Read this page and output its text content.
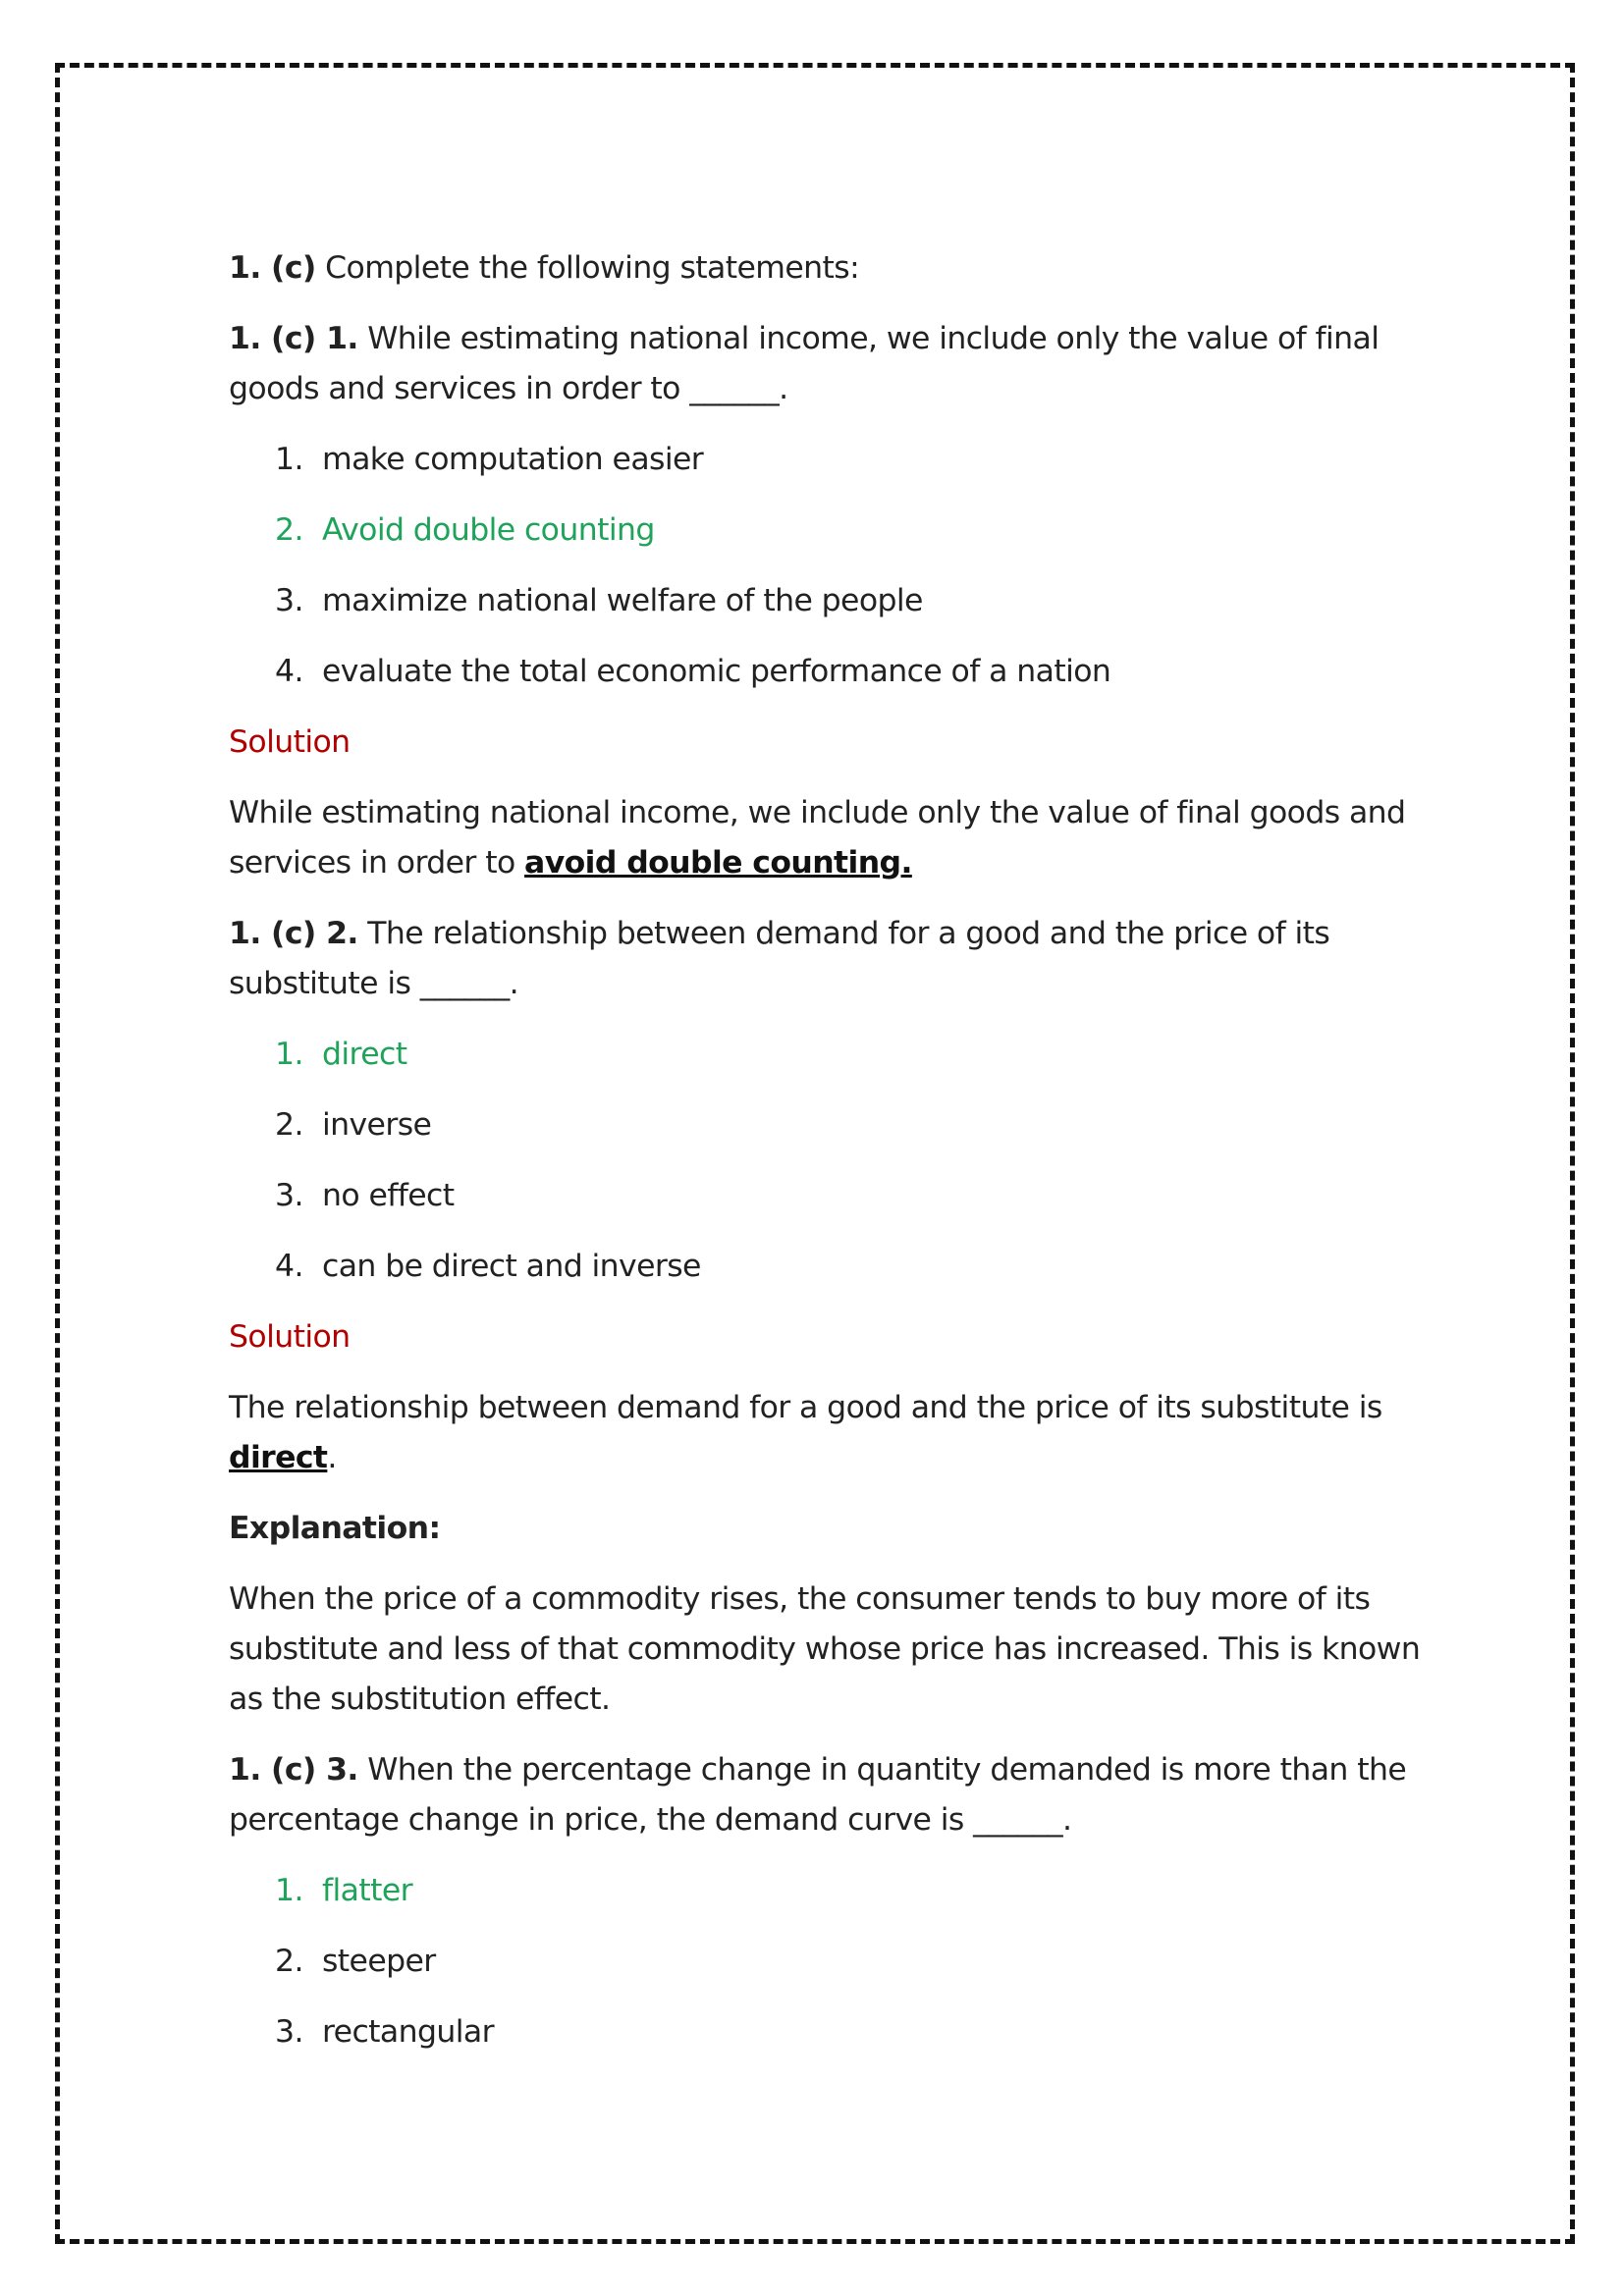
1. (c) Complete the following statements:

1. (c) 1. While estimating national income, we include only the value of final goods and services in order to ______.

1. make computation easier
2. Avoid double counting
3. maximize national welfare of the people
4. evaluate the total economic performance of a nation
Solution

While estimating national income, we include only the value of final goods and services in order to avoid double counting.

1. (c) 2. The relationship between demand for a good and the price of its substitute is ______.

1. direct
2. inverse
3. no effect
4. can be direct and inverse
Solution

The relationship between demand for a good and the price of its substitute is direct.

Explanation:

When the price of a commodity rises, the consumer tends to buy more of its substitute and less of that commodity whose price has increased. This is known as the substitution effect.

1. (c) 3. When the percentage change in quantity demanded is more than the percentage change in price, the demand curve is ______.

1. flatter
2. steeper
3. rectangular
